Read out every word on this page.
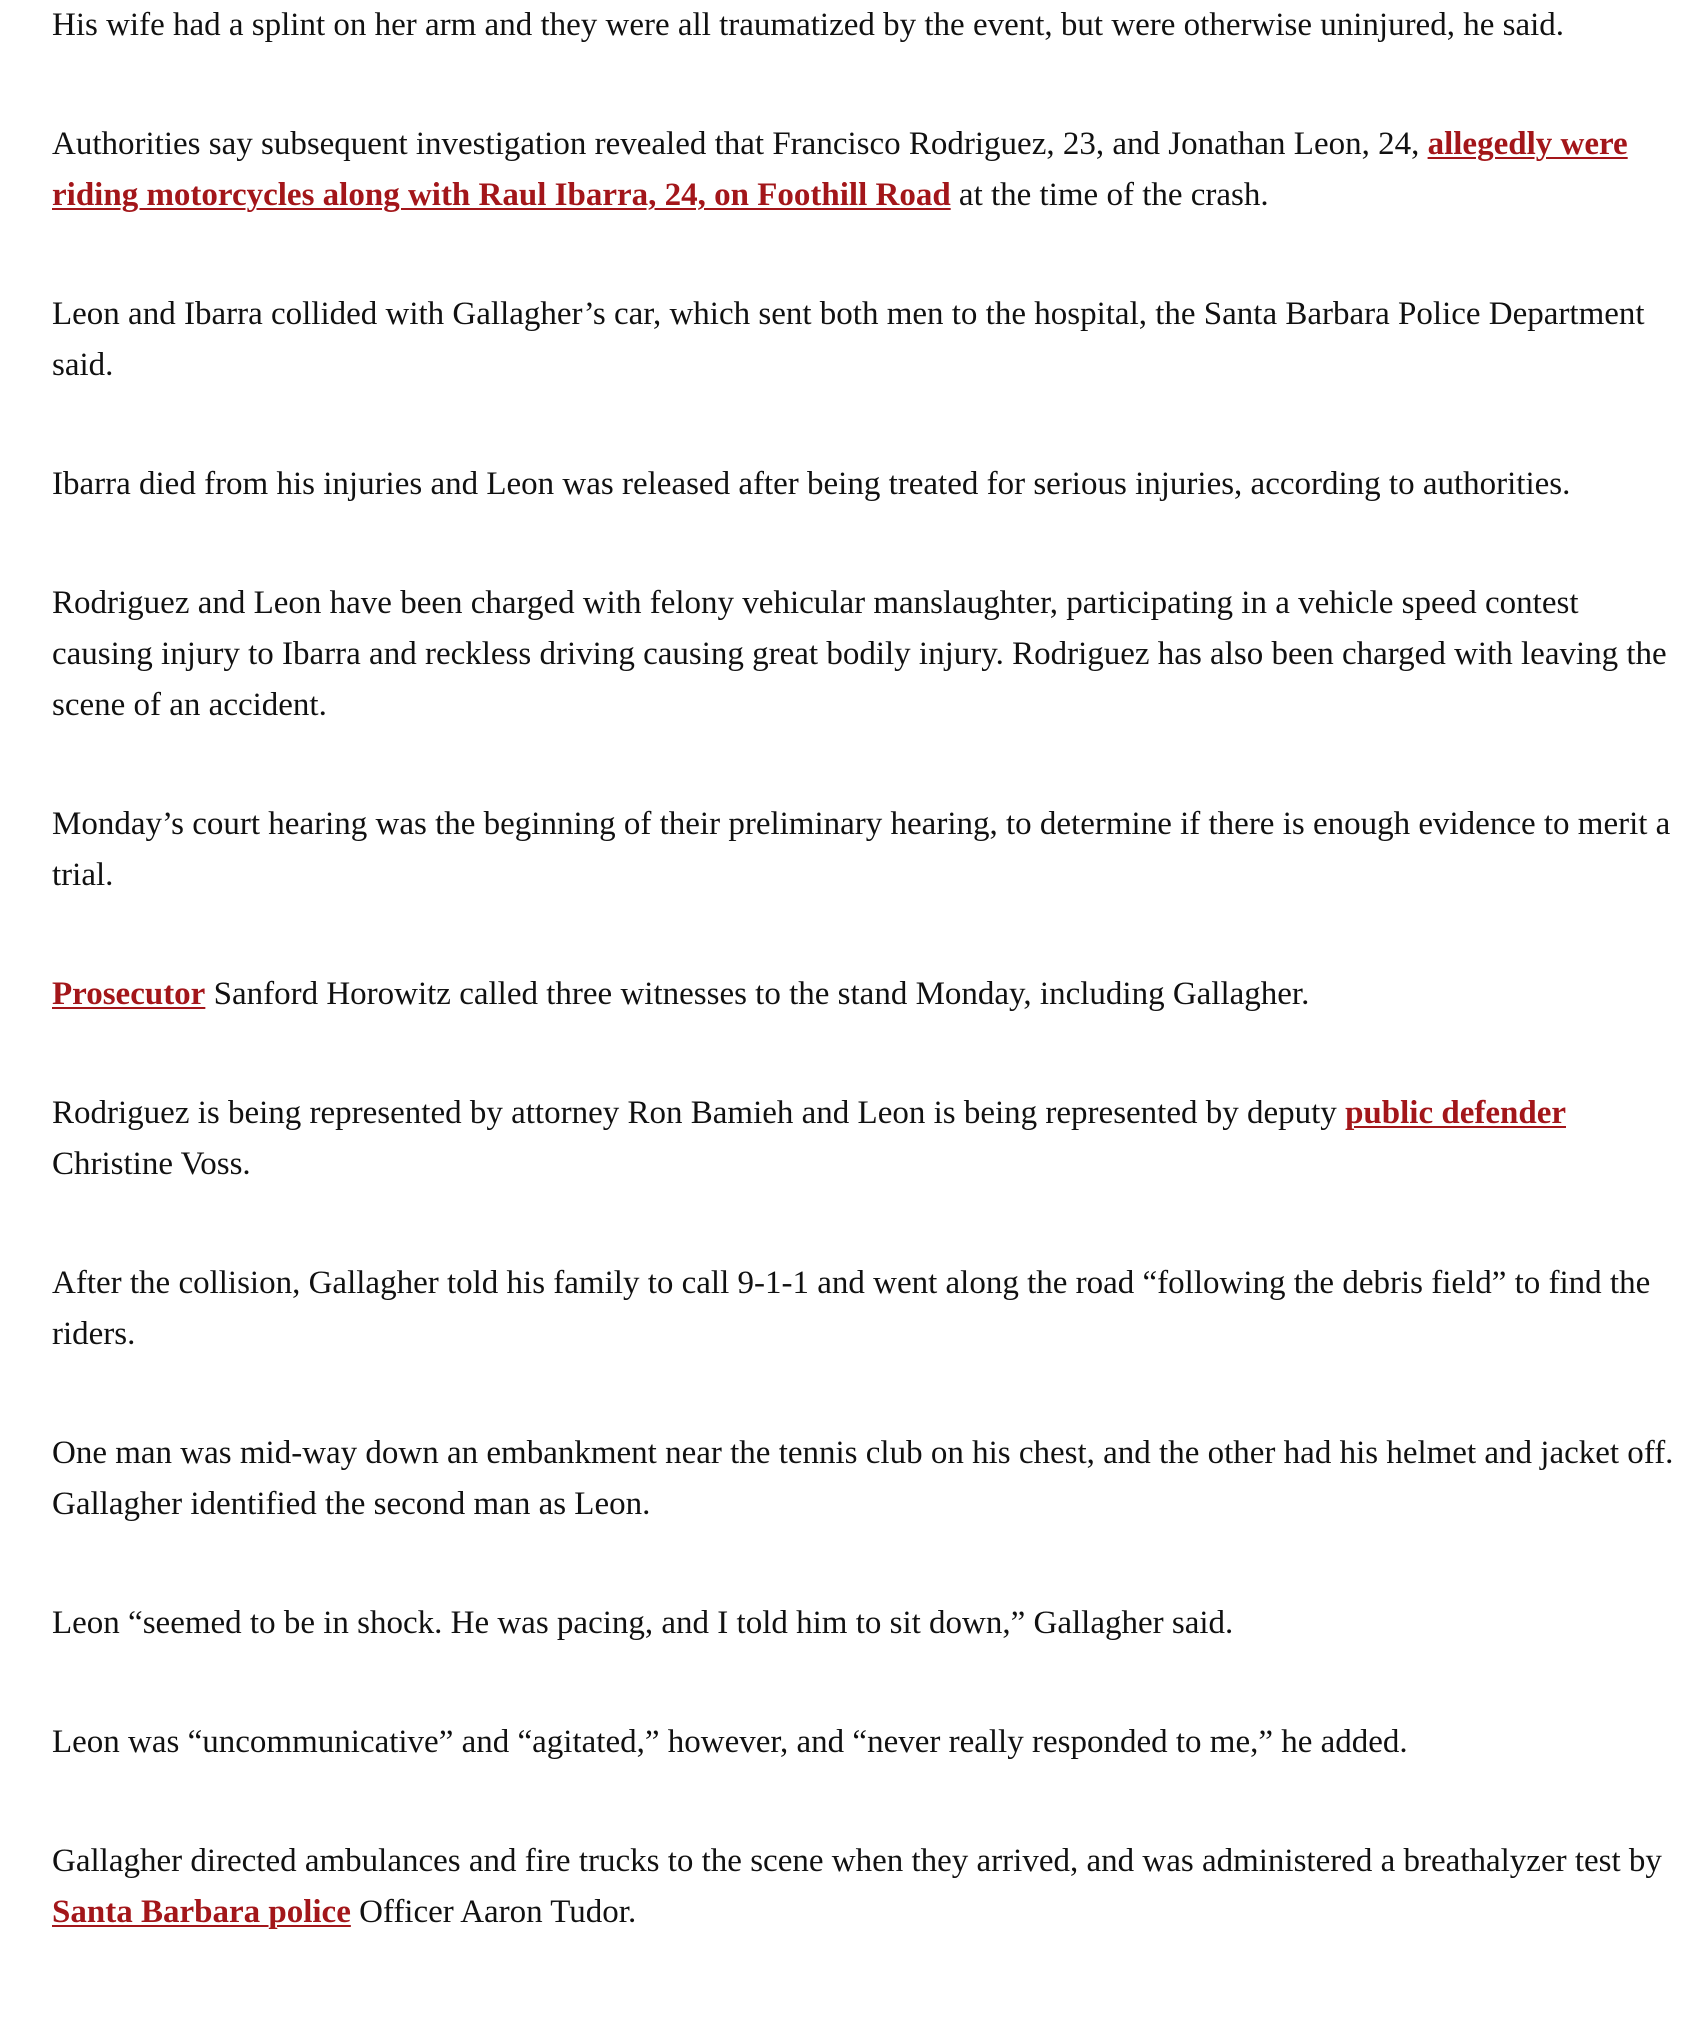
His wife had a splint on her arm and they were all traumatized by the event, but were otherwise uninjured, he said.

Authorities say subsequent investigation revealed that Francisco Rodriguez, 23, and Jonathan Leon, 24, allegedly were riding motorcycles along with Raul Ibarra, 24, on Foothill Road at the time of the crash.

Leon and Ibarra collided with Gallagher’s car, which sent both men to the hospital, the Santa Barbara Police Department said.

Ibarra died from his injuries and Leon was released after being treated for serious injuries, according to authorities.

Rodriguez and Leon have been charged with felony vehicular manslaughter, participating in a vehicle speed contest causing injury to Ibarra and reckless driving causing great bodily injury. Rodriguez has also been charged with leaving the scene of an accident.

Monday’s court hearing was the beginning of their preliminary hearing, to determine if there is enough evidence to merit a trial.

Prosecutor Sanford Horowitz called three witnesses to the stand Monday, including Gallagher.

Rodriguez is being represented by attorney Ron Bamieh and Leon is being represented by deputy public defender Christine Voss.

After the collision, Gallagher told his family to call 9-1-1 and went along the road “following the debris field” to find the riders.

One man was mid-way down an embankment near the tennis club on his chest, and the other had his helmet and jacket off. Gallagher identified the second man as Leon.

Leon “seemed to be in shock. He was pacing, and I told him to sit down,” Gallagher said.

Leon was “uncommunicative” and “agitated,” however, and “never really responded to me,” he added.

Gallagher directed ambulances and fire trucks to the scene when they arrived, and was administered a breathalyzer test by Santa Barbara police Officer Aaron Tudor.
